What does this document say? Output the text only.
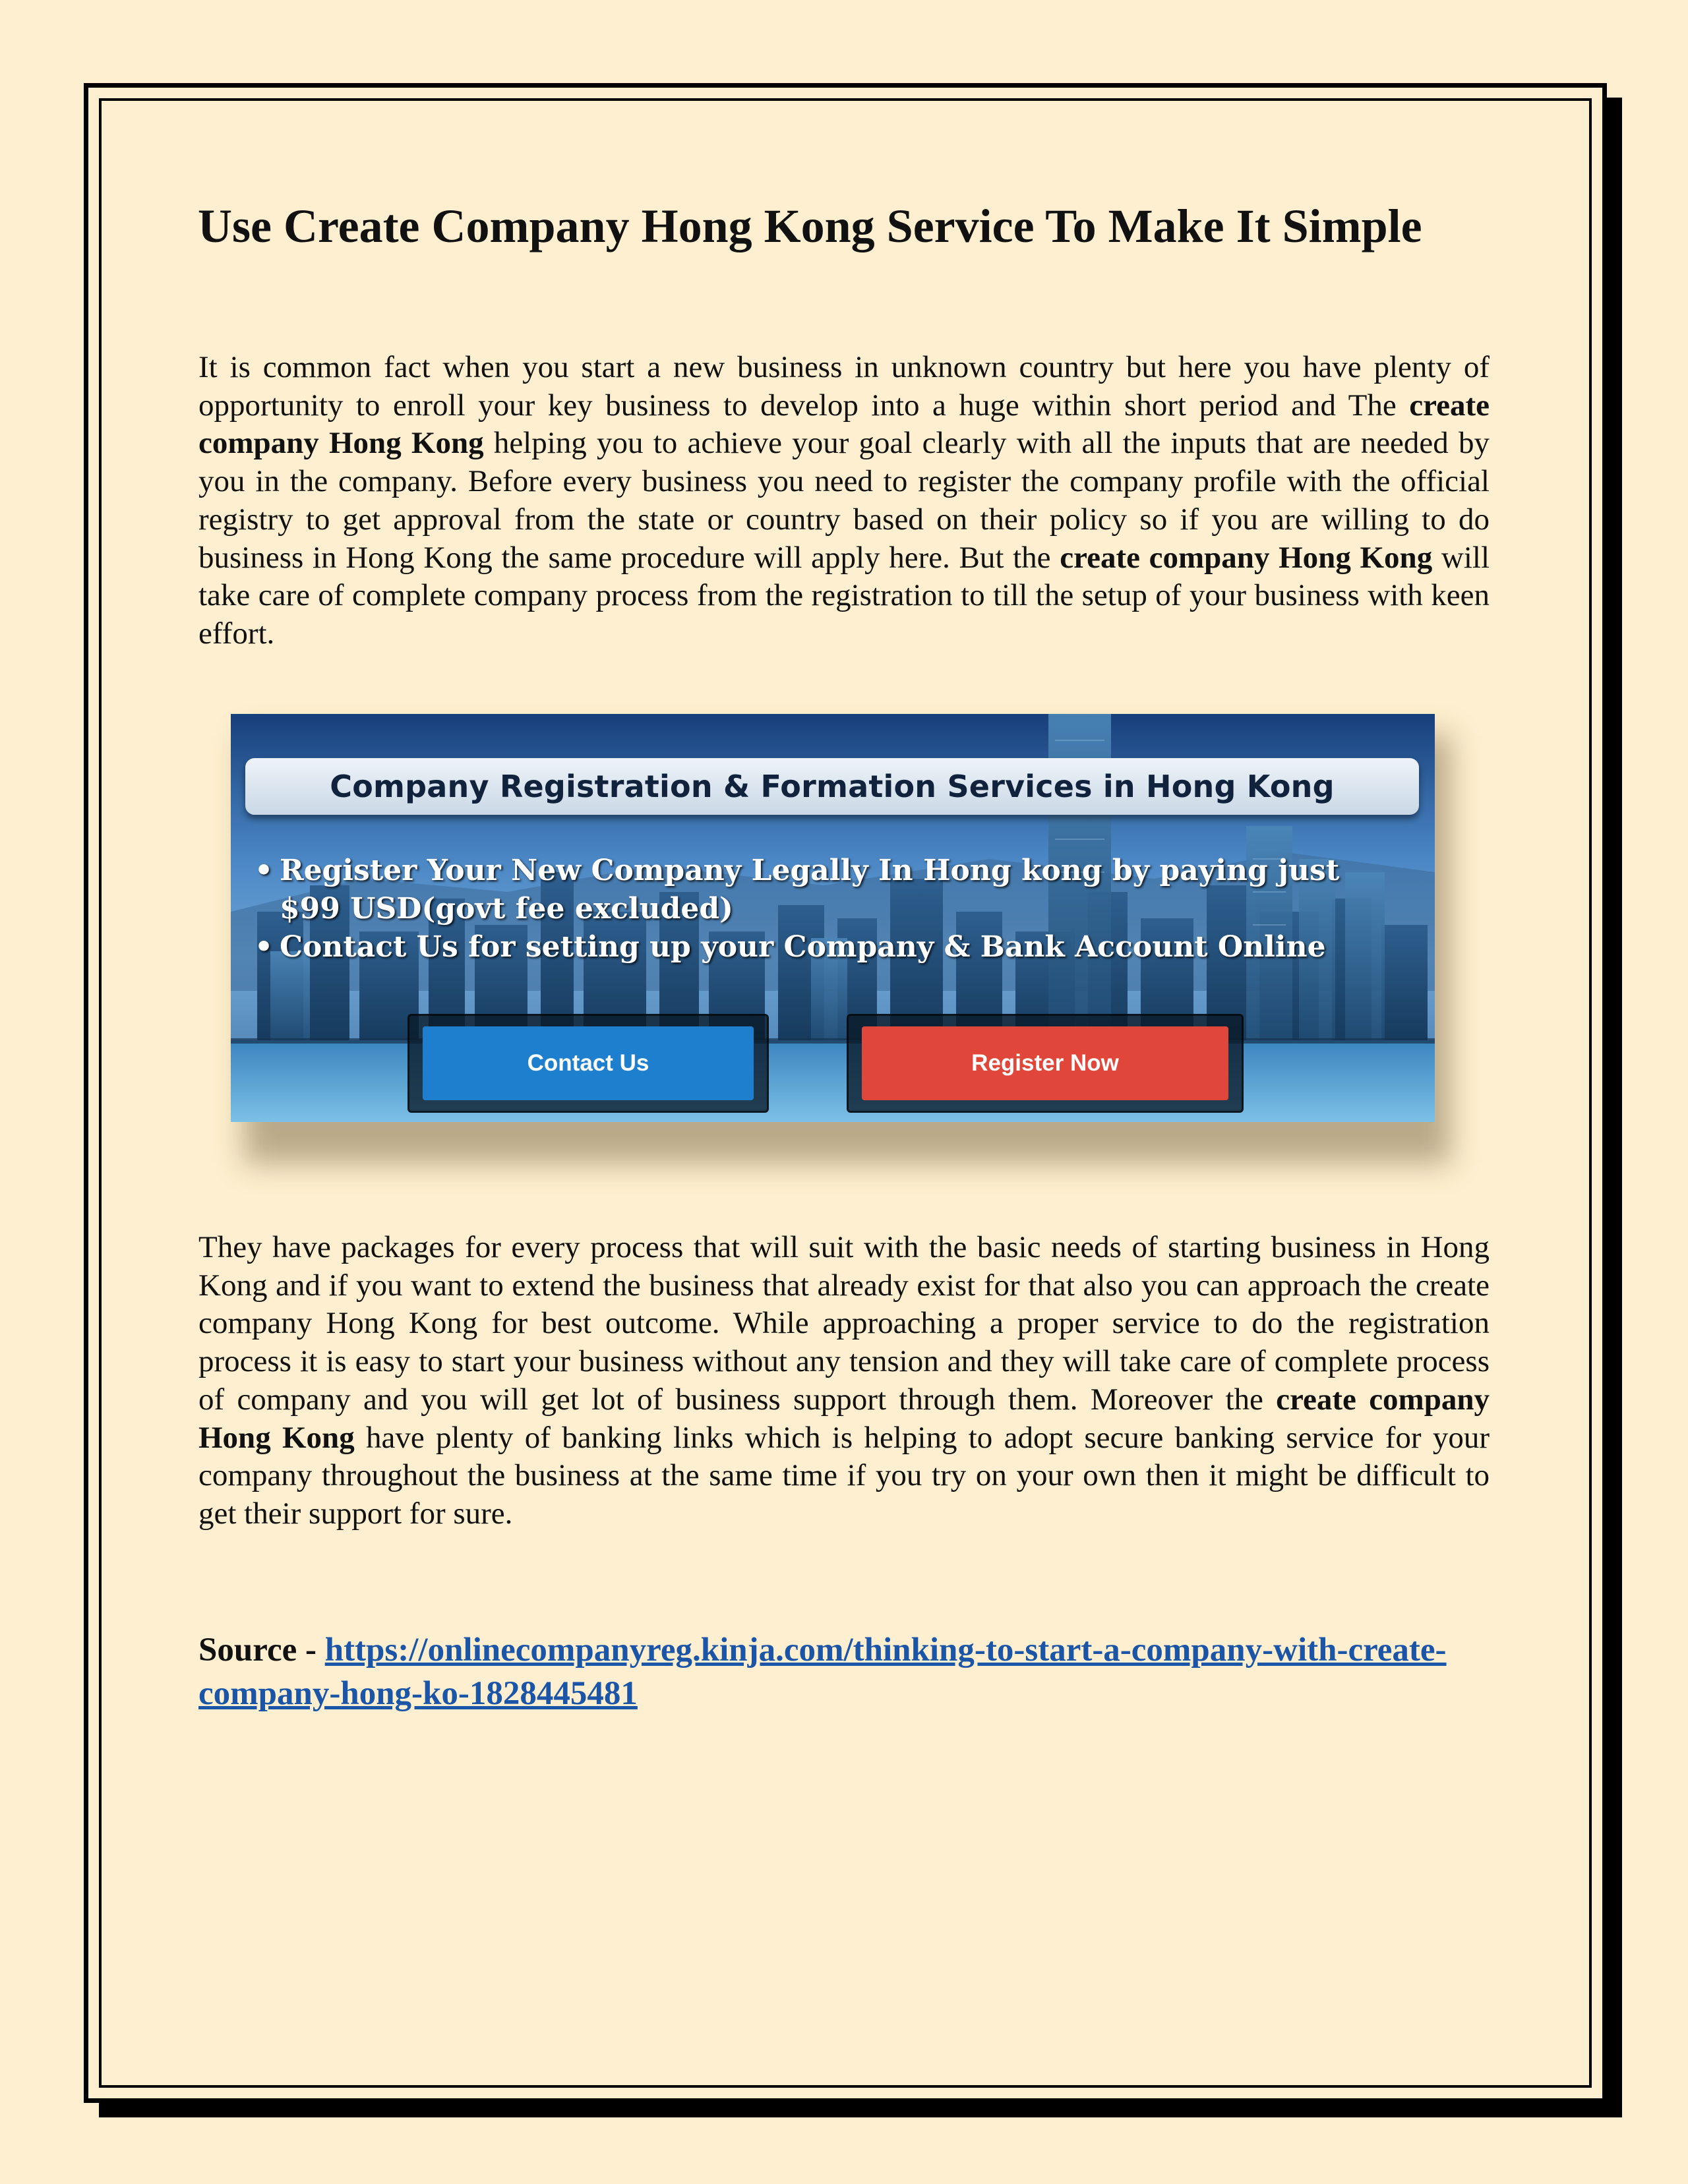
Use Create Company Hong Kong Service To Make It Simple

It is common fact when you start a new business in unknown country but here you have plenty of opportunity to enroll your key business to develop into a huge within short period and The create company Hong Kong helping you to achieve your goal clearly with all the inputs that are needed by you in the company. Before every business you need to register the company profile with the official registry to get approval from the state or country based on their policy so if you are willing to do business in Hong Kong the same procedure will apply here. But the create company Hong Kong will take care of complete company process from the registration to till the setup of your business with keen effort.

Company Registration & Formation Services in Hong Kong
• Register Your New Company Legally In Hong kong by paying just $99 USD(govt fee excluded)
• Contact Us for setting up your Company & Bank Account Online
Contact Us	Register Now

They have packages for every process that will suit with the basic needs of starting business in Hong Kong and if you want to extend the business that already exist for that also you can approach the create company Hong Kong for best outcome. While approaching a proper service to do the registration process it is easy to start your business without any tension and they will take care of complete process of company and you will get lot of business support through them. Moreover the create company Hong Kong have plenty of banking links which is helping to adopt secure banking service for your company throughout the business at the same time if you try on your own then it might be difficult to get their support for sure.

Source - https://onlinecompanyreg.kinja.com/thinking-to-start-a-company-with-create-company-hong-ko-1828445481
